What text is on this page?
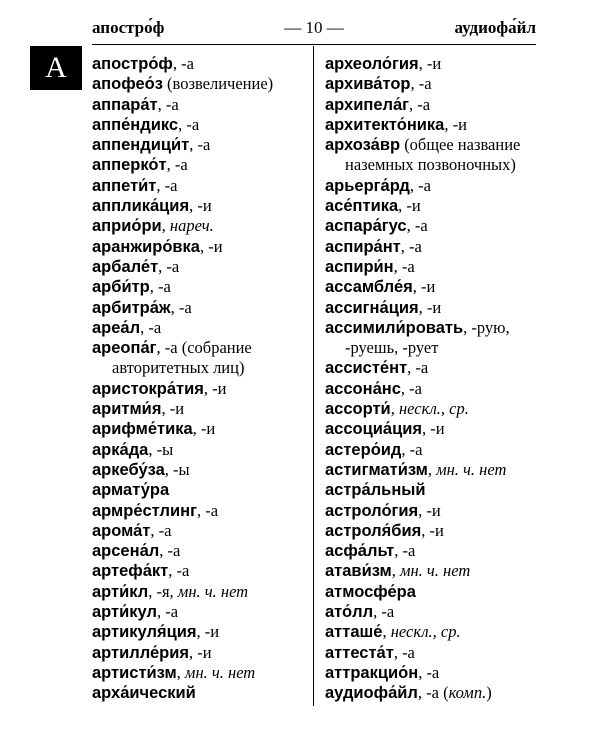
апостро́ф	— 10 —	аудиофа́йл
А	апостро́ф, -а
апофео́з (возвеличение)
аппара́т, -а
аппе́ндикс, -а
аппендици́т, -а
апперко́т, -а
аппети́т, -а
апплика́ция, -и
априо́ри, нареч.
аранжиро́вка, -и
арбале́т, -а
арби́тр, -а
арбитра́ж, -а
ареа́л, -а
ареопа́г, -а (собрание
авторитетных лиц)
аристокра́тия, -и
аритми́я, -и
арифме́тика, -и
арка́да, -ы
аркебу́за, -ы
армату́ра
армре́стлинг, -а
арома́т, -а
арсена́л, -а
артефа́кт, -а
арти́кл, -я, мн. ч. нет
арти́кул, -а
артикуля́ция, -и
артилле́рия, -и
артисти́зм, мн. ч. нет
арха́ический
археоло́гия, -и
архива́тор, -а
архипела́г, -а
архитекто́ника, -и
архоза́вр (общее название
наземных позвоночных)
арьерга́рд, -а
асе́птика, -и
аспара́гус, -а
аспира́нт, -а
аспири́н, -а
ассамбле́я, -и
ассигна́ция, -и
ассимили́ровать, -рую,
-руешь, -рует
ассисте́нт, -а
ассона́нс, -а
ассорти́, нескл., ср.
ассоциа́ция, -и
астеро́ид, -а
астигмати́зм, мн. ч. нет
астра́льный
астроло́гия, -и
астроля́бия, -и
асфа́льт, -а
атави́зм, мн. ч. нет
атмосфе́ра
ато́лл, -а
атташе́, нескл., ср.
аттеста́т, -а
аттракцио́н, -а
аудиофа́йл, -а (комп.)
